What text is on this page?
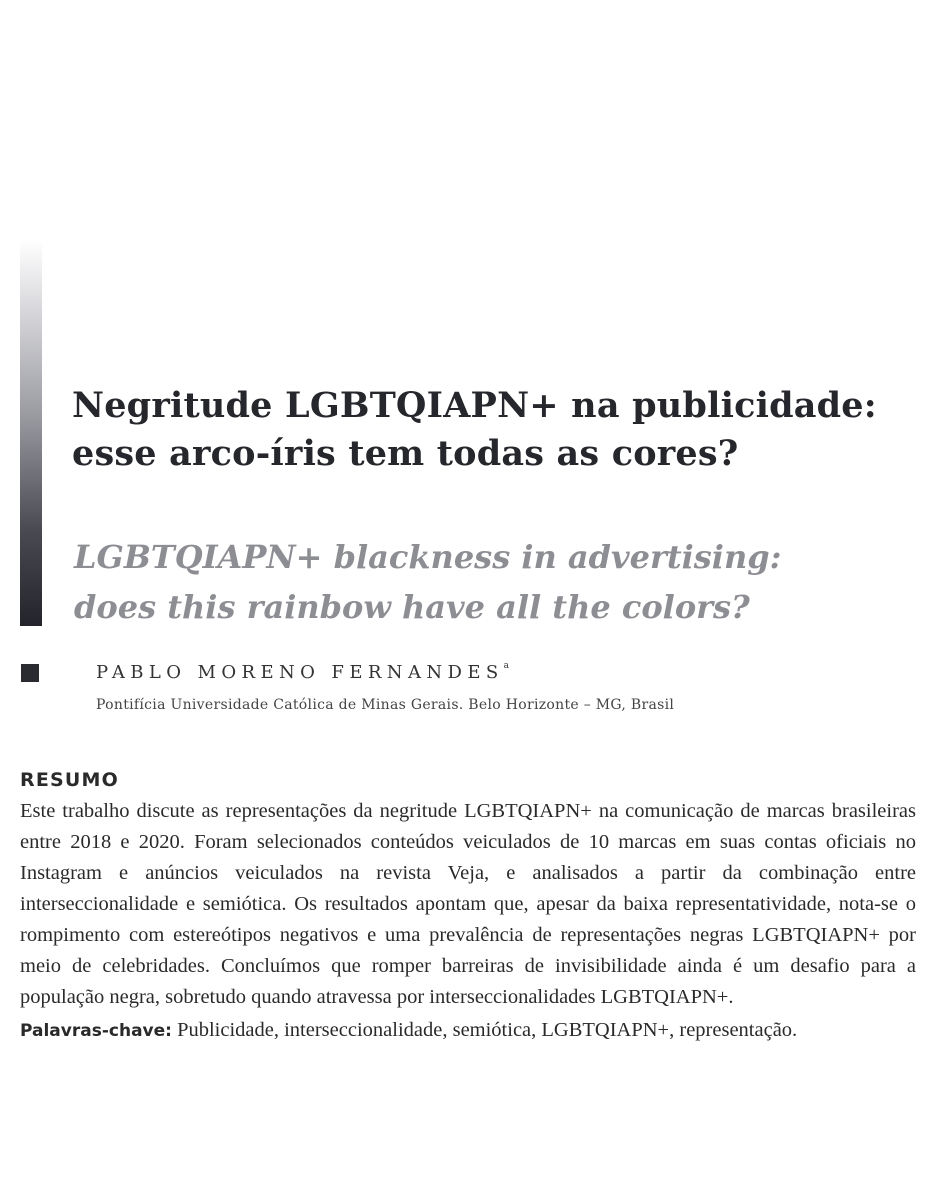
Negritude LGBTQIAPN+ na publicidade:
esse arco-íris tem todas as cores?
LGBTQIAPN+ blackness in advertising:
does this rainbow have all the colors?
PABLO MORENO FERNANDES$^a$
Pontifícia Universidade Católica de Minas Gerais. Belo Horizonte – MG, Brasil
RESUMO

Este trabalho discute as representações da negritude LGBTQIAPN+ na comunicação de marcas brasileiras entre 2018 e 2020. Foram selecionados conteúdos veiculados de 10 marcas em suas contas oficiais no Instagram e anúncios veiculados na revista Veja, e analisados a partir da combinação entre interseccionalidade e semiótica. Os resultados apontam que, apesar da baixa representatividade, nota-se o rompimento com estereótipos negativos e uma prevalência de representações negras LGBTQIAPN+ por meio de celebridades. Concluímos que romper barreiras de invisibilidade ainda é um desafio para a população negra, sobretudo quando atravessa por interseccionalidades LGBTQIAPN+.

Palavras-chave: Publicidade, interseccionalidade, semiótica, LGBTQIAPN+, representação.
